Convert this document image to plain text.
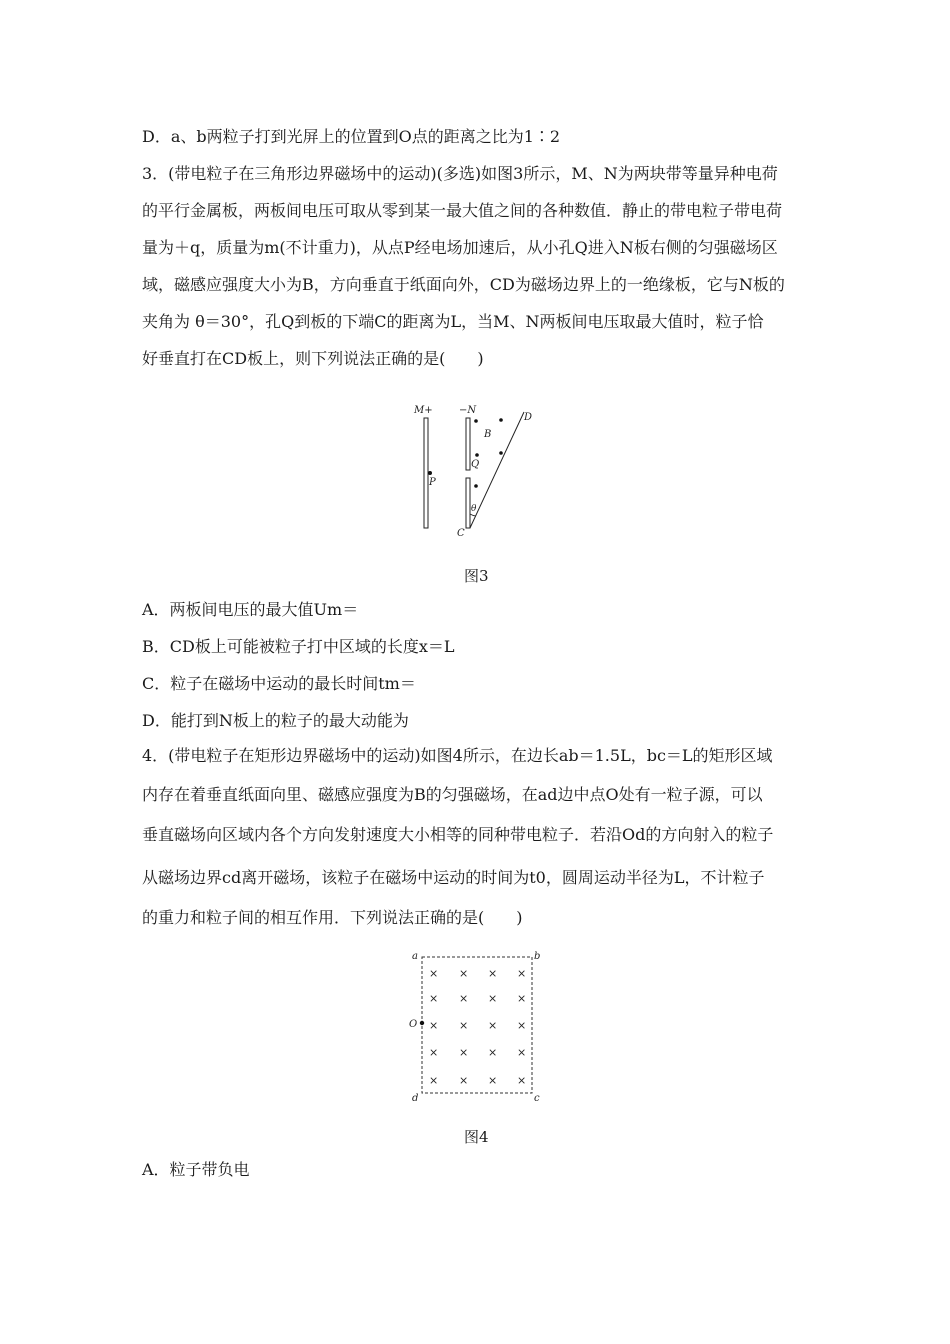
D．a、b两粒子打到光屏上的位置到O点的距离之比为1∶2
3．(带电粒子在三角形边界磁场中的运动)(多选)如图3所示，M、N为两块带等量异种电荷
的平行金属板，两板间电压可取从零到某一最大值之间的各种数值．静止的带电粒子带电荷
量为＋q，质量为m(不计重力)，从点P经电场加速后，从小孔Q进入N板右侧的匀强磁场区
域，磁感应强度大小为B，方向垂直于纸面向外，CD为磁场边界上的一绝缘板，它与N板的
夹角为 θ＝30°，孔Q到板的下端C的距离为L，当M、N两板间电压取最大值时，粒子恰
好垂直打在CD板上，则下列说法正确的是(　　)
M+	−N
P
B
Q
D
C
θ
图3
A．两板间电压的最大值Um＝
B．CD板上可能被粒子打中区域的长度x＝L
C．粒子在磁场中运动的最长时间tm＝
D．能打到N板上的粒子的最大动能为
4．(带电粒子在矩形边界磁场中的运动)如图4所示，在边长ab＝1.5L，bc＝L的矩形区域
内存在着垂直纸面向里、磁感应强度为B的匀强磁场，在ad边中点O处有一粒子源，可以
垂直磁场向区域内各个方向发射速度大小相等的同种带电粒子．若沿Od的方向射入的粒子
从磁场边界cd离开磁场，该粒子在磁场中运动的时间为t0，圆周运动半径为L，不计粒子
的重力和粒子间的相互作用．下列说法正确的是(　　)
× × × ×
× × × ×
× × × ×
× × × ×
× × × ×
a	b
c
d
O
图4
A．粒子带负电
